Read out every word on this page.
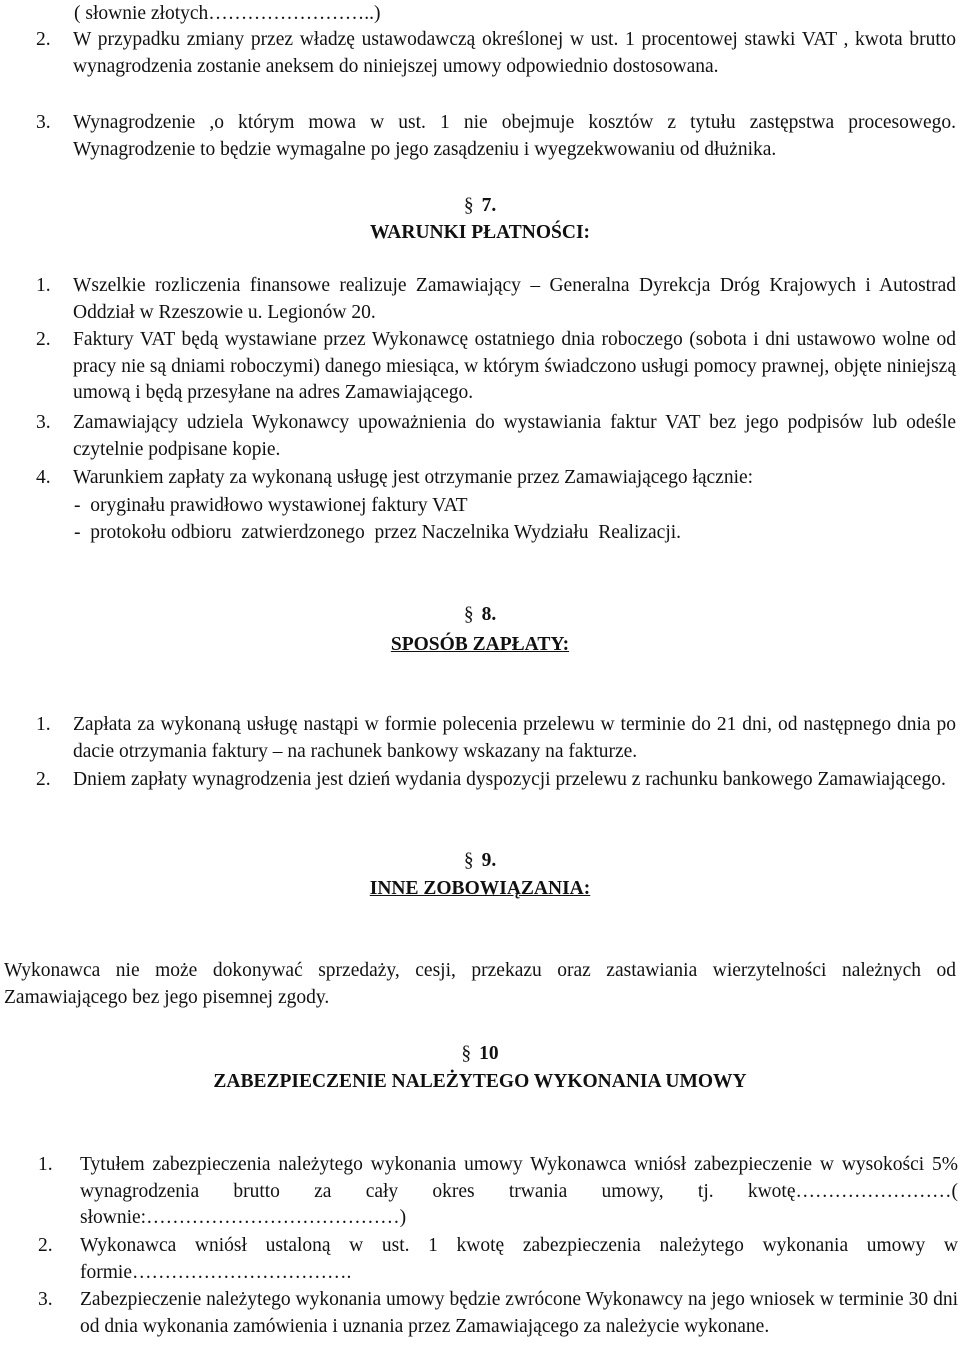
( słownie złotych……………………..)
2.	W przypadku zmiany przez władzę ustawodawczą określonej w ust. 1 procentowej stawki VAT , kwota brutto wynagrodzenia zostanie aneksem do niniejszej umowy odpowiednio dostosowana.
3.	Wynagrodzenie ,o którym mowa w ust. 1 nie obejmuje kosztów z tytułu zastępstwa procesowego. Wynagrodzenie to będzie wymagalne po jego zasądzeniu i wyegzekwowaniu od dłużnika.
§ 7.
WARUNKI PŁATNOŚCI:
1.	Wszelkie rozliczenia finansowe realizuje Zamawiający – Generalna Dyrekcja Dróg Krajowych i Autostrad Oddział w Rzeszowie u. Legionów 20.
2.	Faktury VAT będą wystawiane przez Wykonawcę ostatniego dnia roboczego (sobota i dni ustawowo wolne od pracy nie są dniami roboczymi) danego miesiąca, w którym świadczono usługi pomocy prawnej, objęte niniejszą umową i będą przesyłane na adres Zamawiającego.
3.	Zamawiający udziela Wykonawcy upoważnienia do wystawiania faktur VAT bez jego podpisów lub odeśle czytelnie podpisane kopie.
4.	Warunkiem zapłaty za wykonaną usługę jest otrzymanie przez Zamawiającego łącznie:
-  oryginału prawidłowo wystawionej faktury VAT
-  protokołu odbioru  zatwierdzonego  przez Naczelnika Wydziału  Realizacji.
§ 8.
SPOSÓB ZAPŁATY:
1.	Zapłata za wykonaną usługę nastąpi w formie polecenia przelewu w terminie do 21 dni, od następnego dnia po dacie otrzymania faktury – na rachunek bankowy wskazany na fakturze.
2.	Dniem zapłaty wynagrodzenia jest dzień wydania dyspozycji przelewu z rachunku bankowego Zamawiającego.
§ 9.
INNE ZOBOWIĄZANIA:
Wykonawca nie może dokonywać sprzedaży, cesji, przekazu oraz zastawiania wierzytelności należnych od Zamawiającego bez jego pisemnej zgody.
§ 10
ZABEZPIECZENIE NALEŻYTEGO WYKONANIA UMOWY
1.	Tytułem zabezpieczenia należytego wykonania umowy Wykonawca wniósł zabezpieczenie w wysokości 5% wynagrodzenia brutto za cały okres trwania umowy, tj. kwotę……………………( słownie:…………………………………)
2.	Wykonawca wniósł ustaloną w ust. 1 kwotę zabezpieczenia należytego wykonania umowy w formie…………………………….
3.	Zabezpieczenie należytego wykonania umowy będzie zwrócone Wykonawcy na jego wniosek w terminie 30 dni od dnia wykonania zamówienia i uznania przez Zamawiającego za należycie wykonane.
